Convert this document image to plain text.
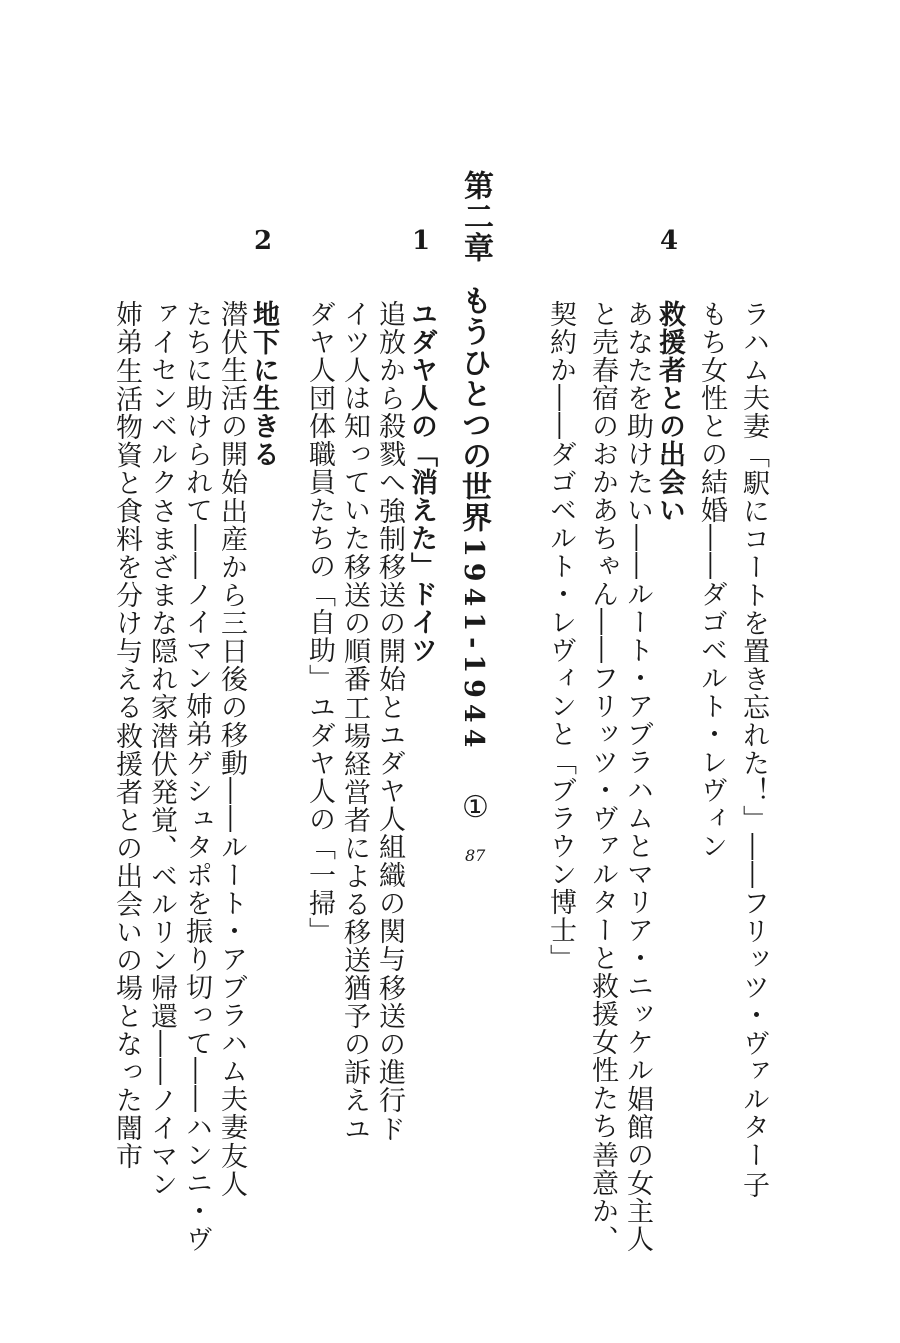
ラハム夫妻「駅にコートを置き忘れた！」――フリッツ・ヴァルター子
もち女性との結婚――ダゴベルト・レヴィン
4
救援者との出会い
あなたを助けたい――ルート・アブラハムとマリア・ニッケル娼館の女主人
と売春宿のおかあちゃん――フリッツ・ヴァルターと救援女性たち善意か、
契約か――ダゴベルト・レヴィンと「ブラウン博士」
第二章
もうひとつの世界
1941-1944
①
87
1
ユダヤ人の「消えた」ドイツ
追放から殺戮へ強制移送の開始とユダヤ人組織の関与移送の進行ド
イツ人は知っていた移送の順番工場経営者による移送猶予の訴えユ
ダヤ人団体職員たちの「自助」ユダヤ人の「一掃」
2
地下に生きる
潜伏生活の開始出産から三日後の移動――ルート・アブラハム夫妻友人
たちに助けられて――ノイマン姉弟ゲシュタポを振り切って――ハンニ・ヴ
ァイセンベルクさまざまな隠れ家潜伏発覚、ベルリン帰還――ノイマン
姉弟生活物資と食料を分け与える救援者との出会いの場となった闇市
